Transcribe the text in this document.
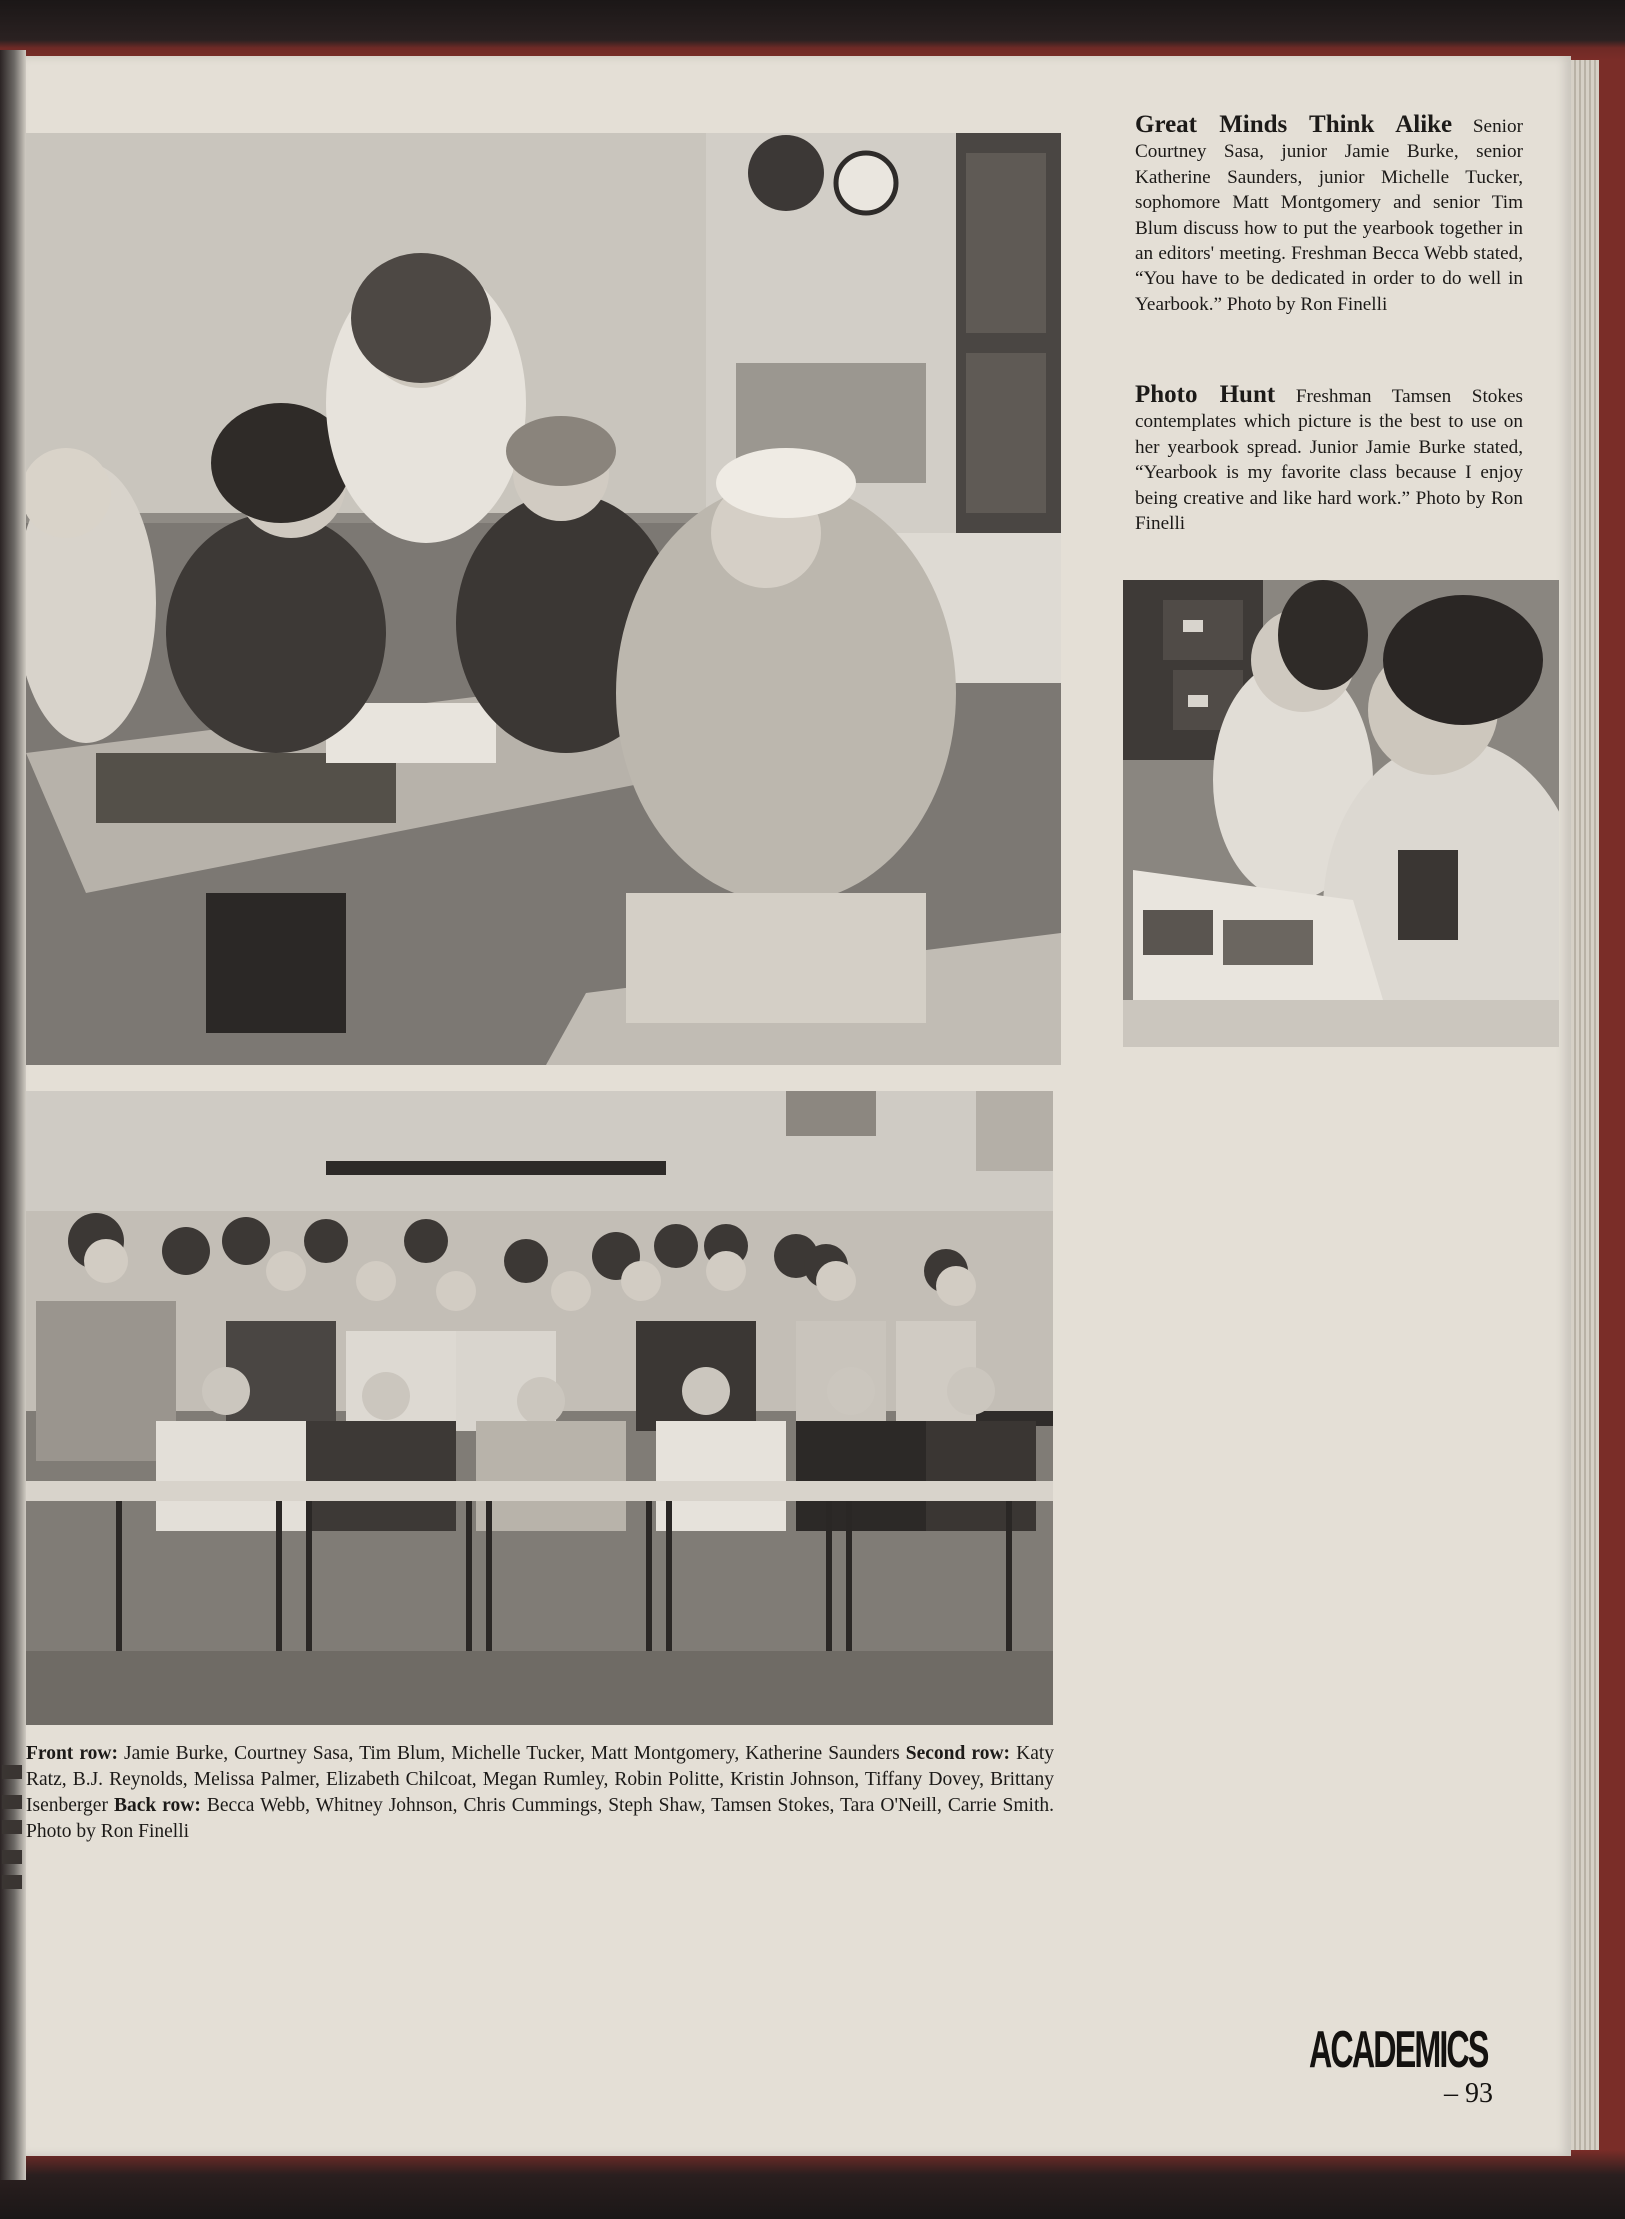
Great Minds Think Alike Senior Courtney Sasa, junior Jamie Burke, senior Katherine Saunders, junior Michelle Tucker, sophomore Matt Montgomery and senior Tim Blum discuss how to put the yearbook together in an editors' meeting. Freshman Becca Webb stated, “You have to be dedicated in order to do well in Yearbook.” Photo by Ron Finelli
Photo Hunt Freshman Tamsen Stokes contemplates which picture is the best to use on her yearbook spread. Junior Jamie Burke stated, “Yearbook is my favorite class because I enjoy being creative and like hard work.” Photo by Ron Finelli
Front row: Jamie Burke, Courtney Sasa, Tim Blum, Michelle Tucker, Matt Montgomery, Katherine Saunders Second row: Katy Ratz, B.J. Reynolds, Melissa Palmer, Elizabeth Chilcoat, Megan Rumley, Robin Politte, Kristin Johnson, Tiffany Dovey, Brittany Isenberger Back row: Becca Webb, Whitney Johnson, Chris Cummings, Steph Shaw, Tamsen Stokes, Tara O'Neill, Carrie Smith. Photo by Ron Finelli
ACADEMICS
– 93
